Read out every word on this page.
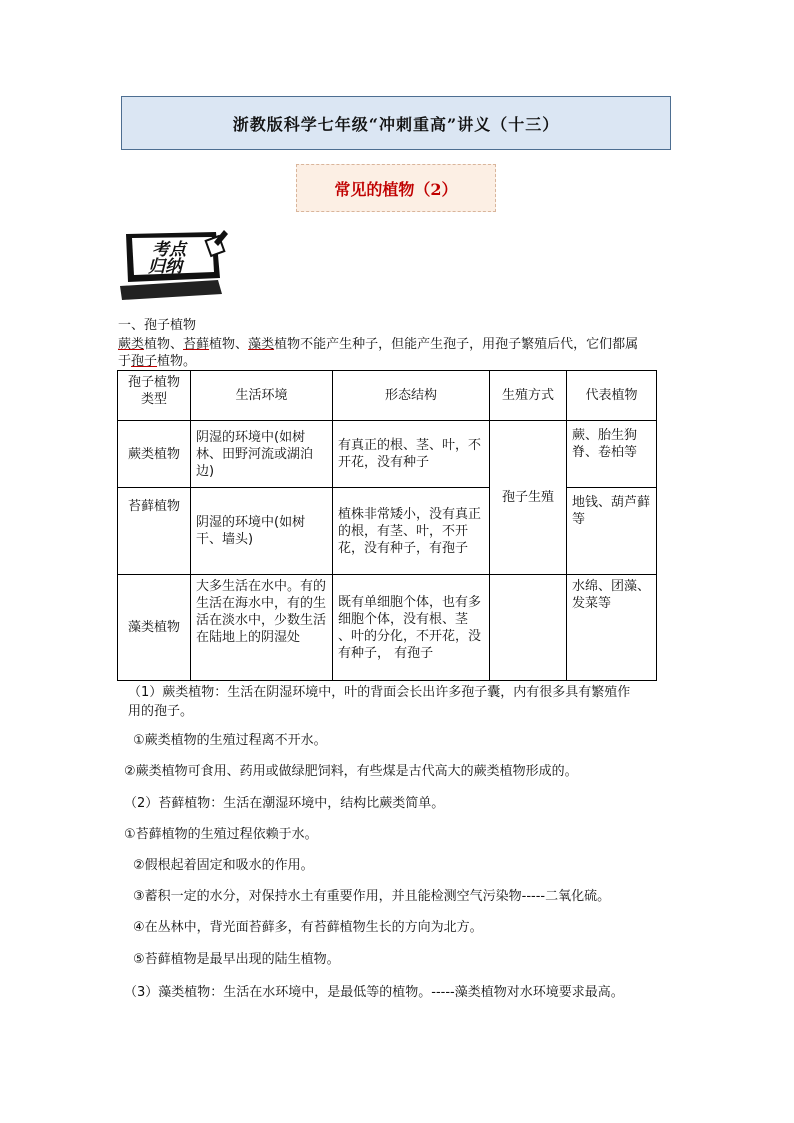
浙教版科学七年级“冲刺重高”讲义（十三）
常见的植物（2）
考点
归纳
一、孢子植物
蕨类植物、苔藓植物、藻类植物不能产生种子，但能产生孢子，用孢子繁殖后代，它们都属
于孢子植物。
孢子植物类型	生活环境	形态结构	生殖方式	代表植物
蕨类植物	阴湿的环境中(如树林、田野河流或湖泊边)	有真正的根、茎、叶，不开花，没有种子	孢子生殖	蕨、胎生狗脊、卷柏等
苔藓植物	阴湿的环境中(如树干、墙头)	植株非常矮小，没有真正的根，有茎、叶，不开花，没有种子，有孢子		地钱、葫芦藓等
藻类植物	大多生活在水中。有的生活在海水中，有的生活在淡水中，少数生活在陆地上的阴湿处	既有单细胞个体，也有多细胞个体，没有根、茎 、叶的分化，不开花，没有种子， 有孢子		水绵、团藻、发菜等
（1）蕨类植物：生活在阴湿环境中，叶的背面会长出许多孢子囊，内有很多具有繁殖作
用的孢子。
①蕨类植物的生殖过程离不开水。
②蕨类植物可食用、药用或做绿肥饲料，有些煤是古代高大的蕨类植物形成的。
（2）苔藓植物：生活在潮湿环境中，结构比蕨类简单。
①苔藓植物的生殖过程依赖于水。
②假根起着固定和吸水的作用。
③蓄积一定的水分，对保持水土有重要作用，并且能检测空气污染物-----二氧化硫。
④在丛林中，背光面苔藓多，有苔藓植物生长的方向为北方。
⑤苔藓植物是最早出现的陆生植物。
（3）藻类植物：生活在水环境中，是最低等的植物。-----藻类植物对水环境要求最高。
